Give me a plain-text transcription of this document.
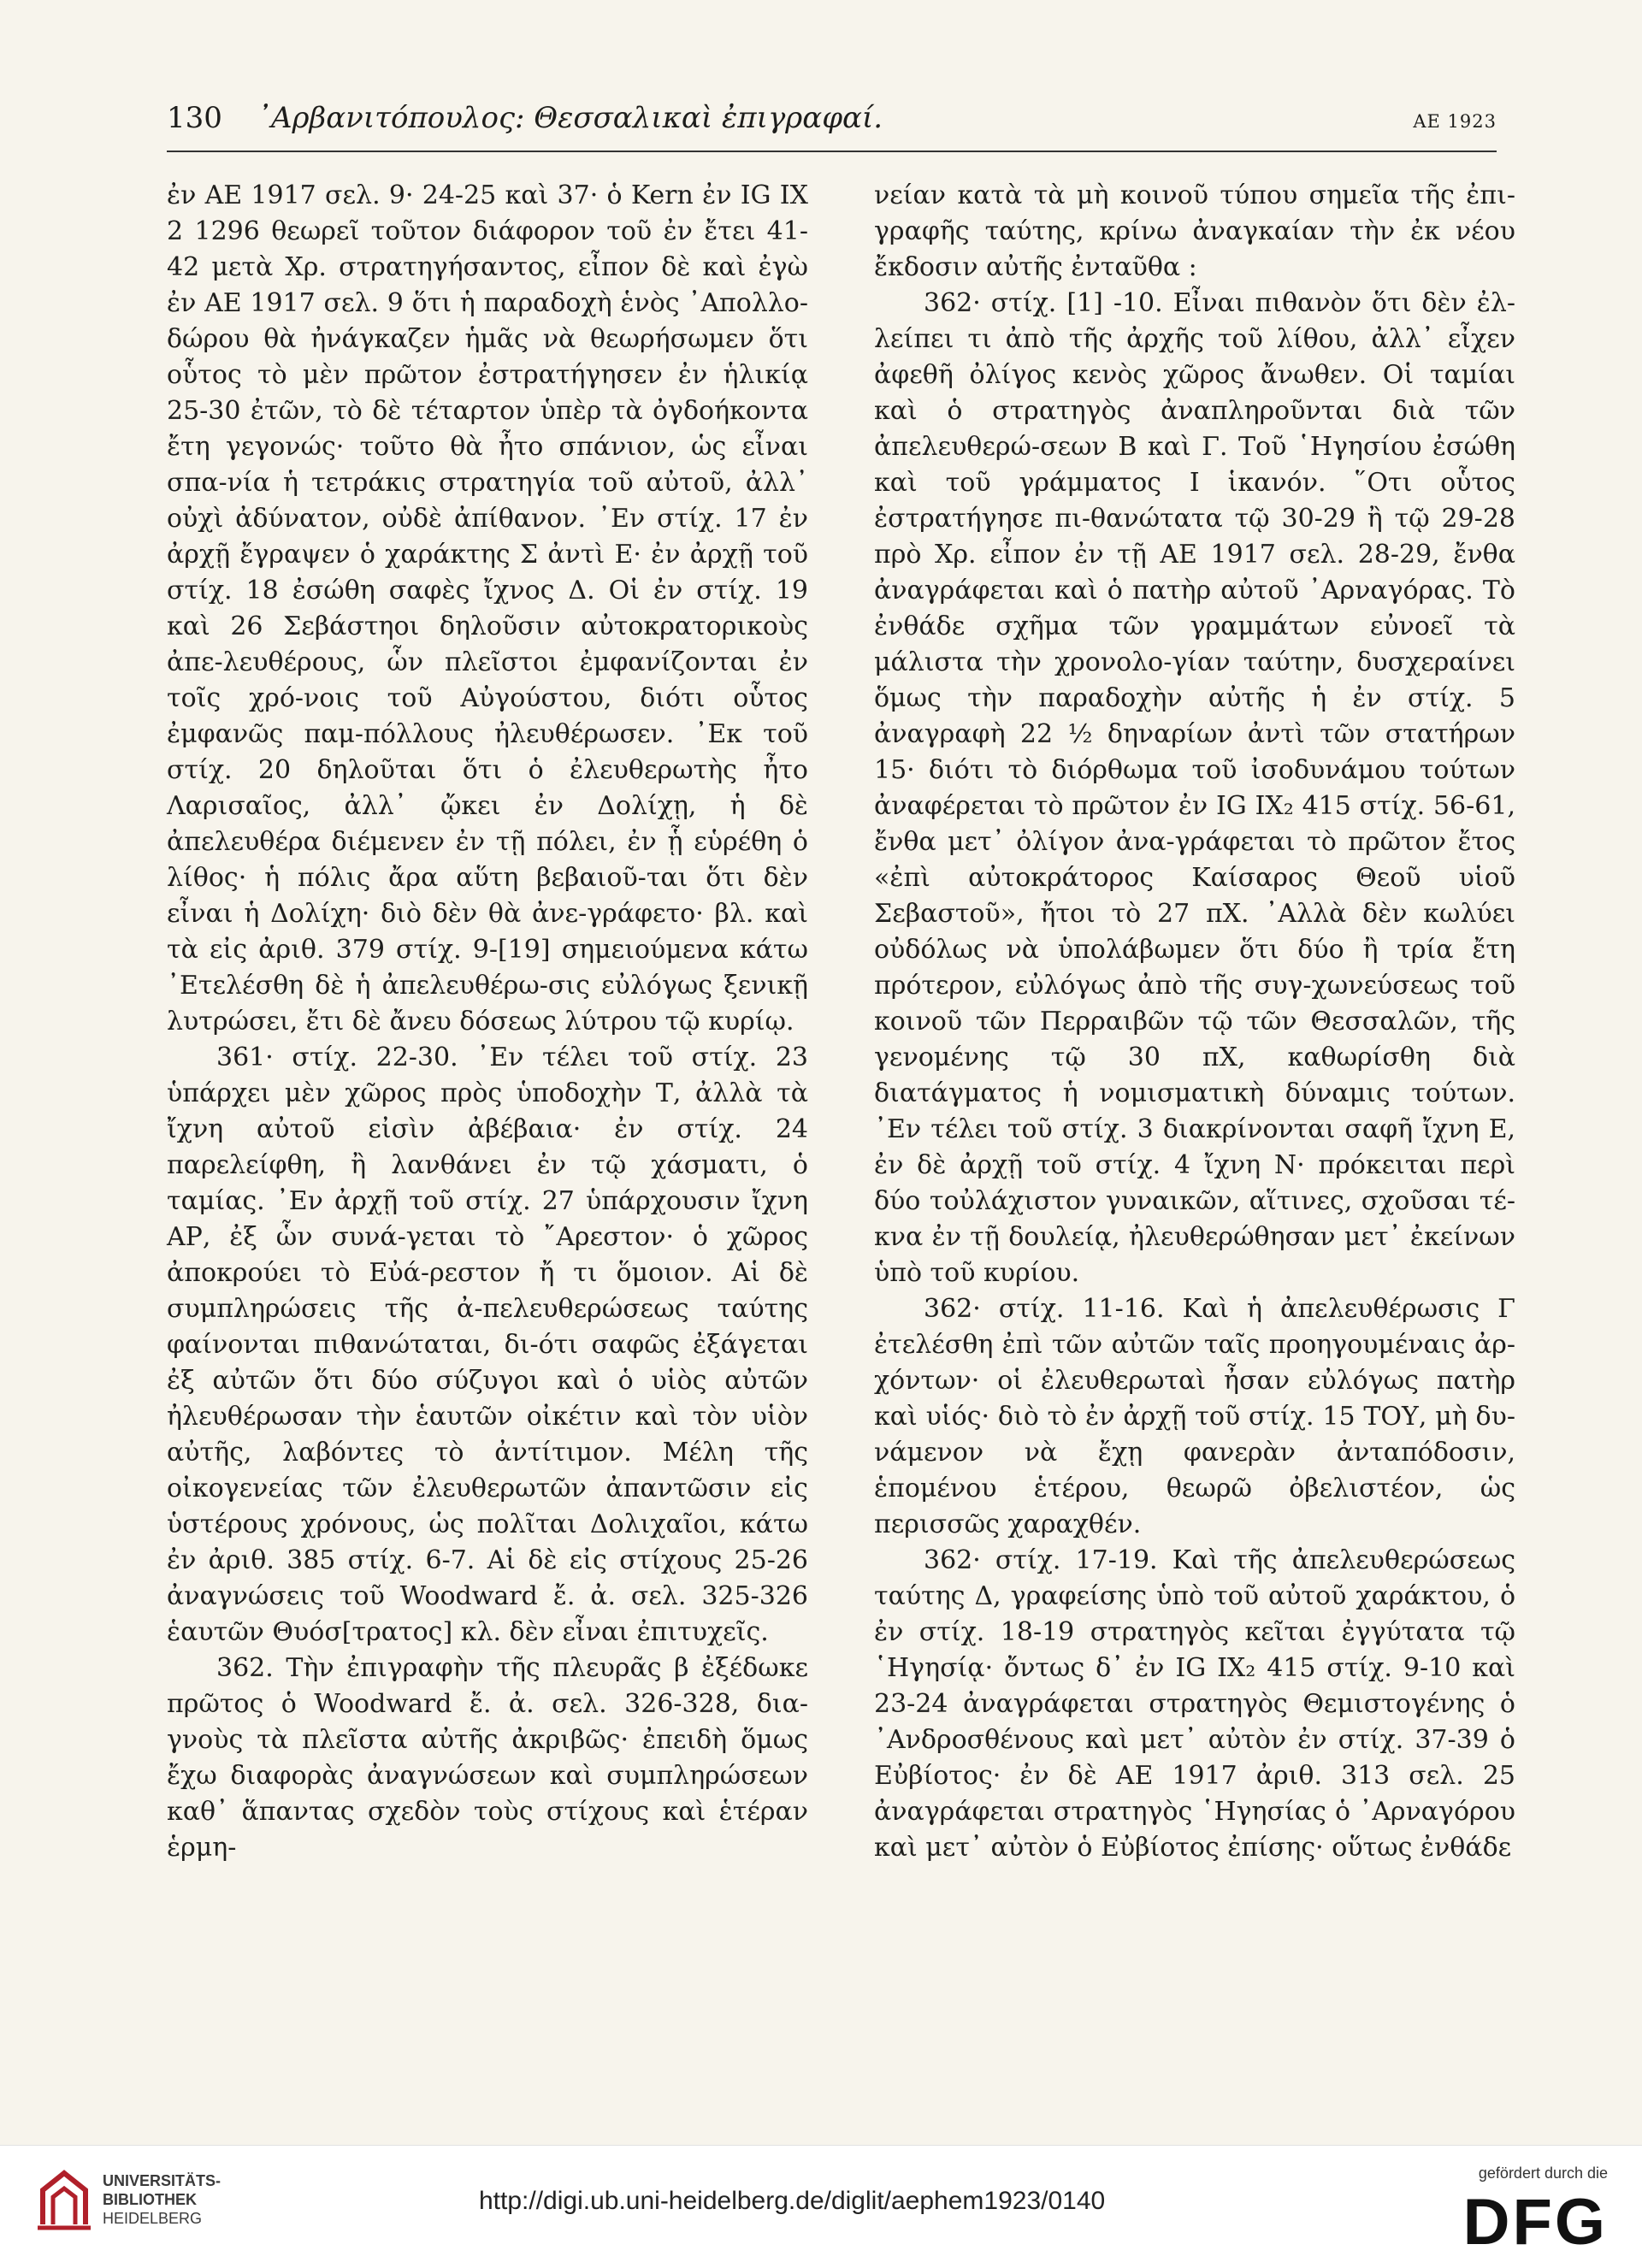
130 ᾿Αρβανιτόπουλος: Θεσσαλικαὶ ἐπιγραφαί.	ΑΕ 1923

ἐν ΑΕ 1917 σελ. 9· 24-25 καὶ 37· ὁ Kern ἐν IG IX 2 1296 θεωρεῖ τοῦτον διάφορον τοῦ ἐν ἔτει 41-42 μετὰ Χρ. στρατηγήσαντος, εἶπον δὲ καὶ ἐγὼ ἐν ΑΕ 1917 σελ. 9 ὅτι ἡ παραδοχὴ ἑνὸς ᾿Απολλο-δώρου θὰ ἠνάγκαζεν ἡμᾶς νὰ θεωρήσωμεν ὅτι οὗτος τὸ μὲν πρῶτον ἐστρατήγησεν ἐν ἡλικίᾳ 25-30 ἐτῶν, τὸ δὲ τέταρτον ὑπὲρ τὰ ὀγδοήκοντα ἔτη γεγονώς· τοῦτο θὰ ἦτο σπάνιον, ὡς εἶναι σπα-νία ἡ τετράκις στρατηγία τοῦ αὐτοῦ, ἀλλ᾿ οὐχὶ ἀδύνατον, οὐδὲ ἀπίθανον. ᾿Εν στίχ. 17 ἐν ἀρχῇ ἔγραψεν ὁ χαράκτης Σ ἀντὶ Ε· ἐν ἀρχῇ τοῦ στίχ. 18 ἐσώθη σαφὲς ἴχνος Δ. Οἱ ἐν στίχ. 19 καὶ 26 Σεβάστηοι δηλοῦσιν αὐτοκρατορικοὺς ἀπε-λευθέρους, ὧν πλεῖστοι ἐμφανίζονται ἐν τοῖς χρό-νοις τοῦ Αὐγούστου, διότι οὗτος ἐμφανῶς παμ-πόλλους ἠλευθέρωσεν. ᾿Εκ τοῦ στίχ. 20 δηλοῦται ὅτι ὁ ἐλευθερωτὴς ἦτο Λαρισαῖος, ἀλλ᾿ ᾤκει ἐν Δολίχῃ, ἡ δὲ ἀπελευθέρα διέμενεν ἐν τῇ πόλει, ἐν ᾗ εὑρέθη ὁ λίθος· ἡ πόλις ἄρα αὕτη βεβαιοῦ-ται ὅτι δὲν εἶναι ἡ Δολίχη· διὸ δὲν θὰ ἀνε-γράφετο· βλ. καὶ τὰ εἰς ἀριθ. 379 στίχ. 9-[19] σημειούμενα κάτω ᾿Ετελέσθη δὲ ἡ ἀπελευθέρω-σις εὐλόγως ξενικῇ λυτρώσει, ἔτι δὲ ἄνευ δόσεως λύτρου τῷ κυρίῳ.

361· στίχ. 22-30. ᾿Εν τέλει τοῦ στίχ. 23 ὑπάρχει μὲν χῶρος πρὸς ὑποδοχὴν Τ, ἀλλὰ τὰ ἴχνη αὐτοῦ εἰσὶν ἀβέβαια· ἐν στίχ. 24 παρελείφθη, ἢ λανθάνει ἐν τῷ χάσματι, ὁ ταμίας. ᾿Εν ἀρχῇ τοῦ στίχ. 27 ὑπάρχουσιν ἴχνη ΑΡ, ἐξ ὧν συνά-γεται τὸ ῎Αρεστον· ὁ χῶρος ἀποκρούει τὸ Εὐά-ρεστον ἤ τι ὅμοιον. Αἱ δὲ συμπληρώσεις τῆς ἀ-πελευθερώσεως ταύτης φαίνονται πιθανώταται, δι-ότι σαφῶς ἐξάγεται ἐξ αὐτῶν ὅτι δύο σύζυγοι καὶ ὁ υἱὸς αὐτῶν ἠλευθέρωσαν τὴν ἑαυτῶν οἰκέτιν καὶ τὸν υἱὸν αὐτῆς, λαβόντες τὸ ἀντίτιμον. Μέλη τῆς οἰκογενείας τῶν ἐλευθερωτῶν ἀπαντῶσιν εἰς ὑστέρους χρόνους, ὡς πολῖται Δολιχαῖοι, κάτω ἐν ἀριθ. 385 στίχ. 6-7. Αἱ δὲ εἰς στίχους 25-26 ἀναγνώσεις τοῦ Woodward ἔ. ἀ. σελ. 325-326 ἑαυτῶν Θυόσ[τρατος] κλ. δὲν εἶναι ἐπιτυχεῖς.

362. Τὴν ἐπιγραφὴν τῆς πλευρᾶς β ἐξέδωκε πρῶτος ὁ Woodward ἔ. ἀ. σελ. 326-328, δια-γνοὺς τὰ πλεῖστα αὐτῆς ἀκριβῶς· ἐπειδὴ ὅμως ἔχω διαφορὰς ἀναγνώσεων καὶ συμπληρώσεων καθ᾿ ἅπαντας σχεδὸν τοὺς στίχους καὶ ἑτέραν ἑρμη-

νείαν κατὰ τὰ μὴ κοινοῦ τύπου σημεῖα τῆς ἐπι-γραφῆς ταύτης, κρίνω ἀναγκαίαν τὴν ἐκ νέου ἔκδοσιν αὐτῆς ἐνταῦθα :

362· στίχ. [1] -10. Εἶναι πιθανὸν ὅτι δὲν ἐλ-λείπει τι ἀπὸ τῆς ἀρχῆς τοῦ λίθου, ἀλλ᾿ εἶχεν ἀφεθῆ ὀλίγος κενὸς χῶρος ἄνωθεν. Οἱ ταμίαι καὶ ὁ στρατηγὸς ἀναπληροῦνται διὰ τῶν ἀπελευθερώ-σεων Β καὶ Γ. Τοῦ ῾Ηγησίου ἐσώθη καὶ τοῦ γράμματος Ι ἱκανόν. ῞Οτι οὗτος ἐστρατήγησε πι-θανώτατα τῷ 30-29 ἢ τῷ 29-28 πρὸ Χρ. εἶπον ἐν τῇ ΑΕ 1917 σελ. 28-29, ἔνθα ἀναγράφεται καὶ ὁ πατὴρ αὐτοῦ ᾿Αρναγόρας. Τὸ ἐνθάδε σχῆμα τῶν γραμμάτων εὐνοεῖ τὰ μάλιστα τὴν χρονολο-γίαν ταύτην, δυσχεραίνει ὅμως τὴν παραδοχὴν αὐτῆς ἡ ἐν στίχ. 5 ἀναγραφὴ 22 ½ δηναρίων ἀντὶ τῶν στατήρων 15· διότι τὸ διόρθωμα τοῦ ἰσοδυνάμου τούτων ἀναφέρεται τὸ πρῶτον ἐν IG IX₂ 415 στίχ. 56-61, ἔνθα μετ᾿ ὀλίγον ἀνα-γράφεται τὸ πρῶτον ἔτος «ἐπὶ αὐτοκράτορος Καίσαρος Θεοῦ υἱοῦ Σεβαστοῦ», ἤτοι τὸ 27 πΧ. ᾿Αλλὰ δὲν κωλύει οὐδόλως νὰ ὑπολάβωμεν ὅτι δύο ἢ τρία ἔτη πρότερον, εὐλόγως ἀπὸ τῆς συγ-χωνεύσεως τοῦ κοινοῦ τῶν Περραιβῶν τῷ τῶν Θεσσαλῶν, τῆς γενομένης τῷ 30 πΧ, καθωρίσθη διὰ διατάγματος ἡ νομισματικὴ δύναμις τούτων. ᾿Εν τέλει τοῦ στίχ. 3 διακρίνονται σαφῆ ἴχνη Ε, ἐν δὲ ἀρχῇ τοῦ στίχ. 4 ἴχνη Ν· πρόκειται περὶ δύο τοὐλάχιστον γυναικῶν, αἵτινες, σχοῦσαι τέ-κνα ἐν τῇ δουλείᾳ, ἠλευθερώθησαν μετ᾿ ἐκείνων ὑπὸ τοῦ κυρίου.

362· στίχ. 11-16. Καὶ ἡ ἀπελευθέρωσις Γ ἐτελέσθη ἐπὶ τῶν αὐτῶν ταῖς προηγουμέναις ἀρ-χόντων· οἱ ἐλευθερωταὶ ἦσαν εὐλόγως πατὴρ καὶ υἱός· διὸ τὸ ἐν ἀρχῇ τοῦ στίχ. 15 ΤΟΥ, μὴ δυ-νάμενον νὰ ἔχῃ φανερὰν ἀνταπόδοσιν, ἑπομένου ἑτέρου, θεωρῶ ὀβελιστέον, ὡς περισσῶς χαραχθέν.

362· στίχ. 17-19. Καὶ τῆς ἀπελευθερώσεως ταύτης Δ, γραφείσης ὑπὸ τοῦ αὐτοῦ χαράκτου, ὁ ἐν στίχ. 18-19 στρατηγὸς κεῖται ἐγγύτατα τῷ ῾Ηγησίᾳ· ὄντως δ᾿ ἐν IG IX₂ 415 στίχ. 9-10 καὶ 23-24 ἀναγράφεται στρατηγὸς Θεμιστογένης ὁ ᾿Ανδροσθένους καὶ μετ᾿ αὐτὸν ἐν στίχ. 37-39 ὁ Εὐβίοτος· ἐν δὲ ΑΕ 1917 ἀριθ. 313 σελ. 25 ἀναγράφεται στρατηγὸς ῾Ηγησίας ὁ ᾿Αρναγόρου καὶ μετ᾿ αὐτὸν ὁ Εὐβίοτος ἐπίσης· οὕτως ἐνθάδε

UNIVERSITÄTS-
BIBLIOTHEK
HEIDELBERG
http://digi.ub.uni-heidelberg.de/diglit/aephem1923/0140
gefördert durch die
DFG
